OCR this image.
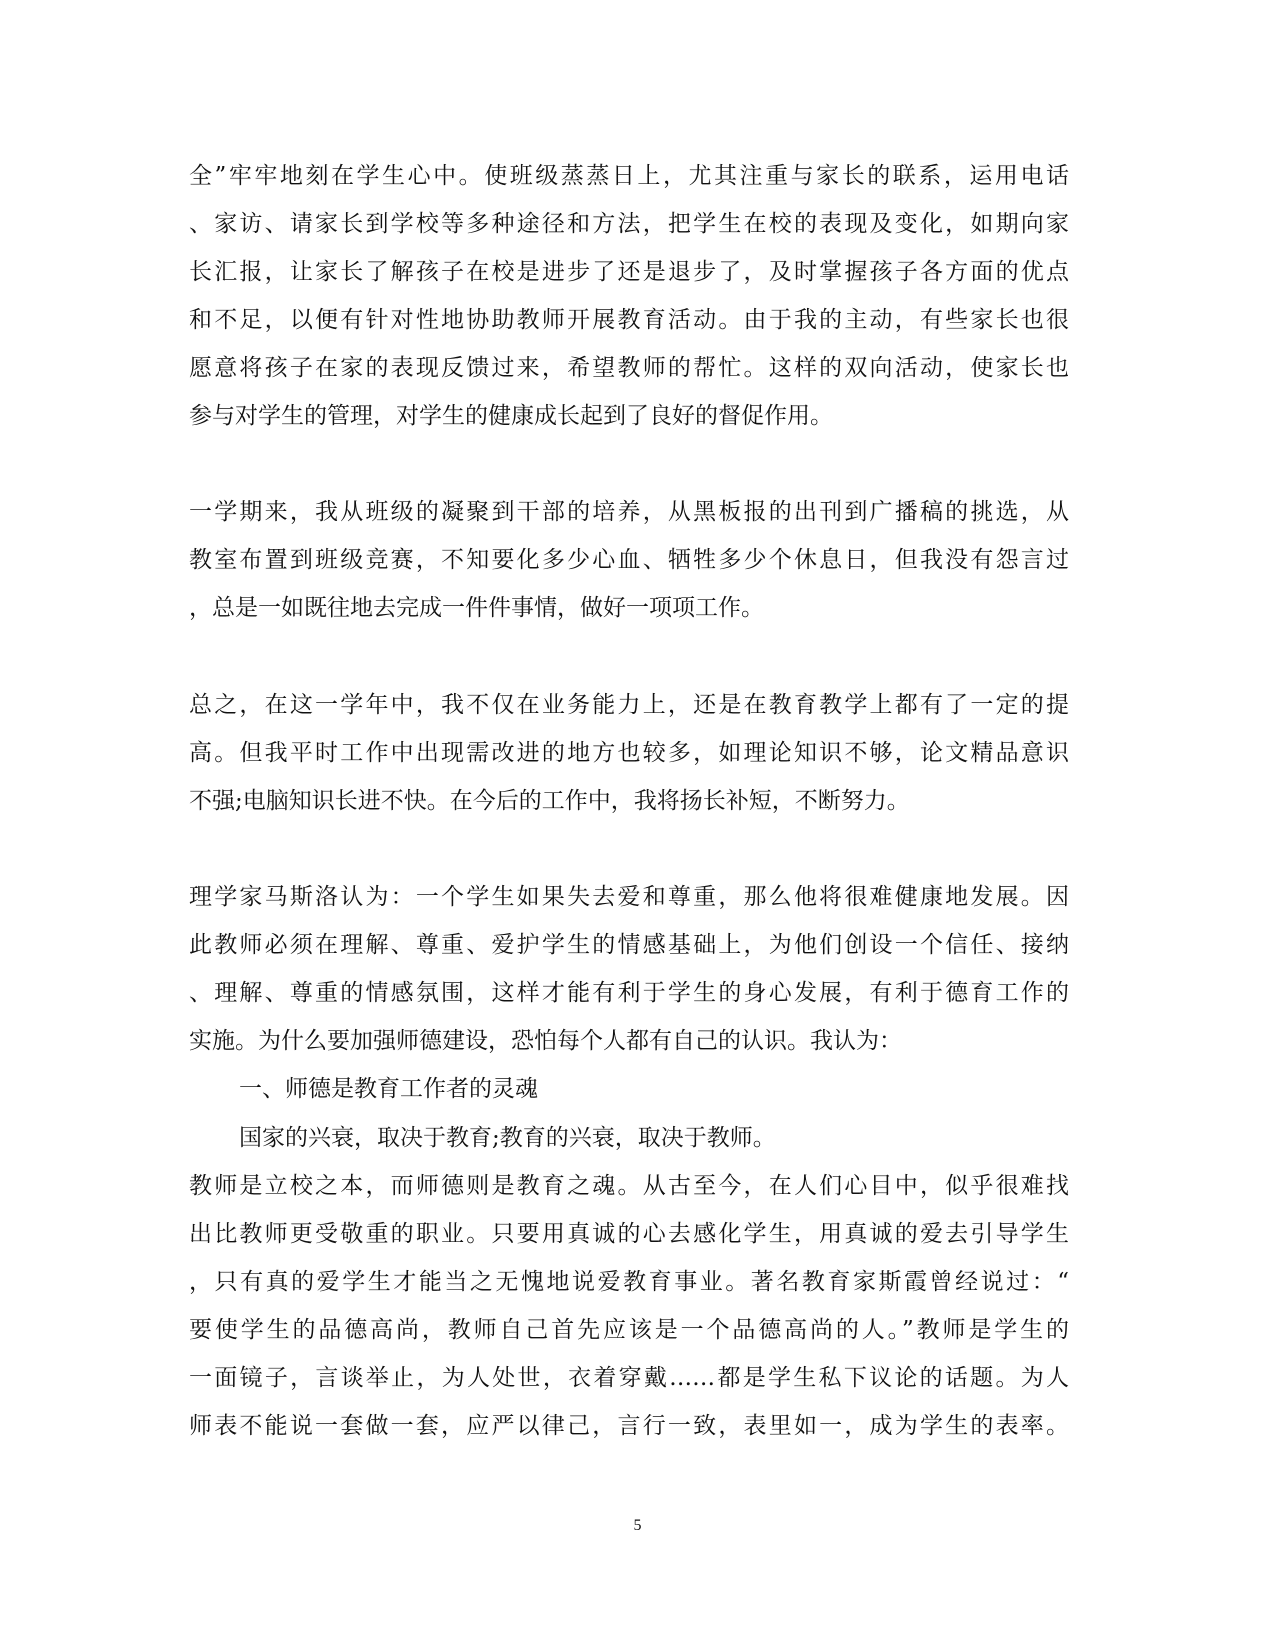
全”牢牢地刻在学生心中。使班级蒸蒸日上，尤其注重与家长的联系，运用电话
、家访、请家长到学校等多种途径和方法，把学生在校的表现及变化，如期向家
长汇报，让家长了解孩子在校是进步了还是退步了，及时掌握孩子各方面的优点
和不足，以便有针对性地协助教师开展教育活动。由于我的主动，有些家长也很
愿意将孩子在家的表现反馈过来，希望教师的帮忙。这样的双向活动，使家长也
参与对学生的管理，对学生的健康成长起到了良好的督促作用。
一学期来，我从班级的凝聚到干部的培养，从黑板报的出刊到广播稿的挑选，从
教室布置到班级竞赛，不知要化多少心血、牺牲多少个休息日，但我没有怨言过
，总是一如既往地去完成一件件事情，做好一项项工作。
总之，在这一学年中，我不仅在业务能力上，还是在教育教学上都有了一定的提
高。但我平时工作中出现需改进的地方也较多，如理论知识不够，论文精品意识
不强;电脑知识长进不快。在今后的工作中，我将扬长补短，不断努力。
理学家马斯洛认为：一个学生如果失去爱和尊重，那么他将很难健康地发展。因
此教师必须在理解、尊重、爱护学生的情感基础上，为他们创设一个信任、接纳
、理解、尊重的情感氛围，这样才能有利于学生的身心发展，有利于德育工作的
实施。为什么要加强师德建设，恐怕每个人都有自己的认识。我认为：
一、师德是教育工作者的灵魂
国家的兴衰，取决于教育;教育的兴衰，取决于教师。
教师是立校之本，而师德则是教育之魂。从古至今，在人们心目中，似乎很难找
出比教师更受敬重的职业。只要用真诚的心去感化学生，用真诚的爱去引导学生
，只有真的爱学生才能当之无愧地说爱教育事业。著名教育家斯霞曾经说过：“
要使学生的品德高尚，教师自己首先应该是一个品德高尚的人。”教师是学生的
一面镜子，言谈举止，为人处世，衣着穿戴……都是学生私下议论的话题。为人
师表不能说一套做一套，应严以律己，言行一致，表里如一，成为学生的表率。
5
